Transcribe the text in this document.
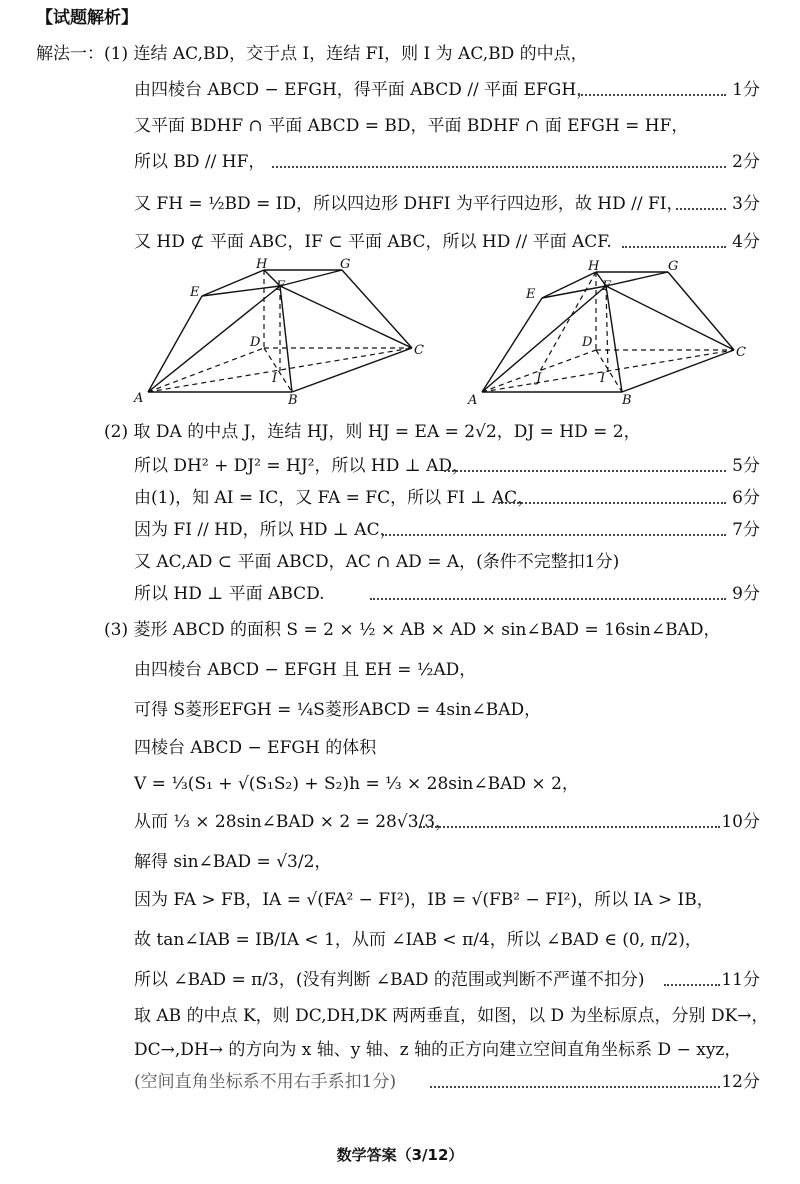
【试题解析】
解法一：(1) 连结 AC,BD，交于点 I，连结 FI，则 I 为 AC,BD 的中点，
由四棱台 ABCD − EFGH，得平面 ABCD // 平面 EFGH，	1分
又平面 BDHF ∩ 平面 ABCD = BD，平面 BDHF ∩ 面 EFGH = HF，
所以 BD // HF，	2分
又 FH = ½BD = ID，所以四边形 DHFI 为平行四边形，故 HD // FI，	3分
又 HD ⊄ 平面 ABC，IF ⊂ 平面 ABC，所以 HD // 平面 ACF.	4分
H	G
E	F
D
C
I
A	B
H	G
E
F
D
C
J	I
A	B
(2) 取 DA 的中点 J，连结 HJ，则 HJ = EA = 2√2，DJ = HD = 2，
所以 DH² + DJ² = HJ²，所以 HD ⊥ AD，	5分
由(1)，知 AI = IC，又 FA = FC，所以 FI ⊥ AC，	6分
因为 FI // HD，所以 HD ⊥ AC，	7分
又 AC,AD ⊂ 平面 ABCD，AC ∩ AD = A，(条件不完整扣1分)
所以 HD ⊥ 平面 ABCD.	9分
(3) 菱形 ABCD 的面积 S = 2 × ½ × AB × AD × sin∠BAD = 16sin∠BAD，
由四棱台 ABCD − EFGH 且 EH = ½AD，
可得 S菱形EFGH = ¼S菱形ABCD = 4sin∠BAD，
四棱台 ABCD − EFGH 的体积
V = ⅓(S₁ + √(S₁S₂) + S₂)h = ⅓ × 28sin∠BAD × 2，
从而 ⅓ × 28sin∠BAD × 2 = 28√3/3，	10分
解得 sin∠BAD = √3/2，
因为 FA > FB，IA = √(FA² − FI²)，IB = √(FB² − FI²)，所以 IA > IB，
故 tan∠IAB = IB/IA < 1，从而 ∠IAB < π/4，所以 ∠BAD ∈ (0, π/2)，
所以 ∠BAD = π/3，(没有判断 ∠BAD 的范围或判断不严谨不扣分)	11分
取 AB 的中点 K，则 DC,DH,DK 两两垂直，如图，以 D 为坐标原点，分别 DK→，
DC→,DH→ 的方向为 x 轴、y 轴、z 轴的正方向建立空间直角坐标系 D − xyz，
(空间直角坐标系不用右手系扣1分)	12分
数学答案（3/12）
